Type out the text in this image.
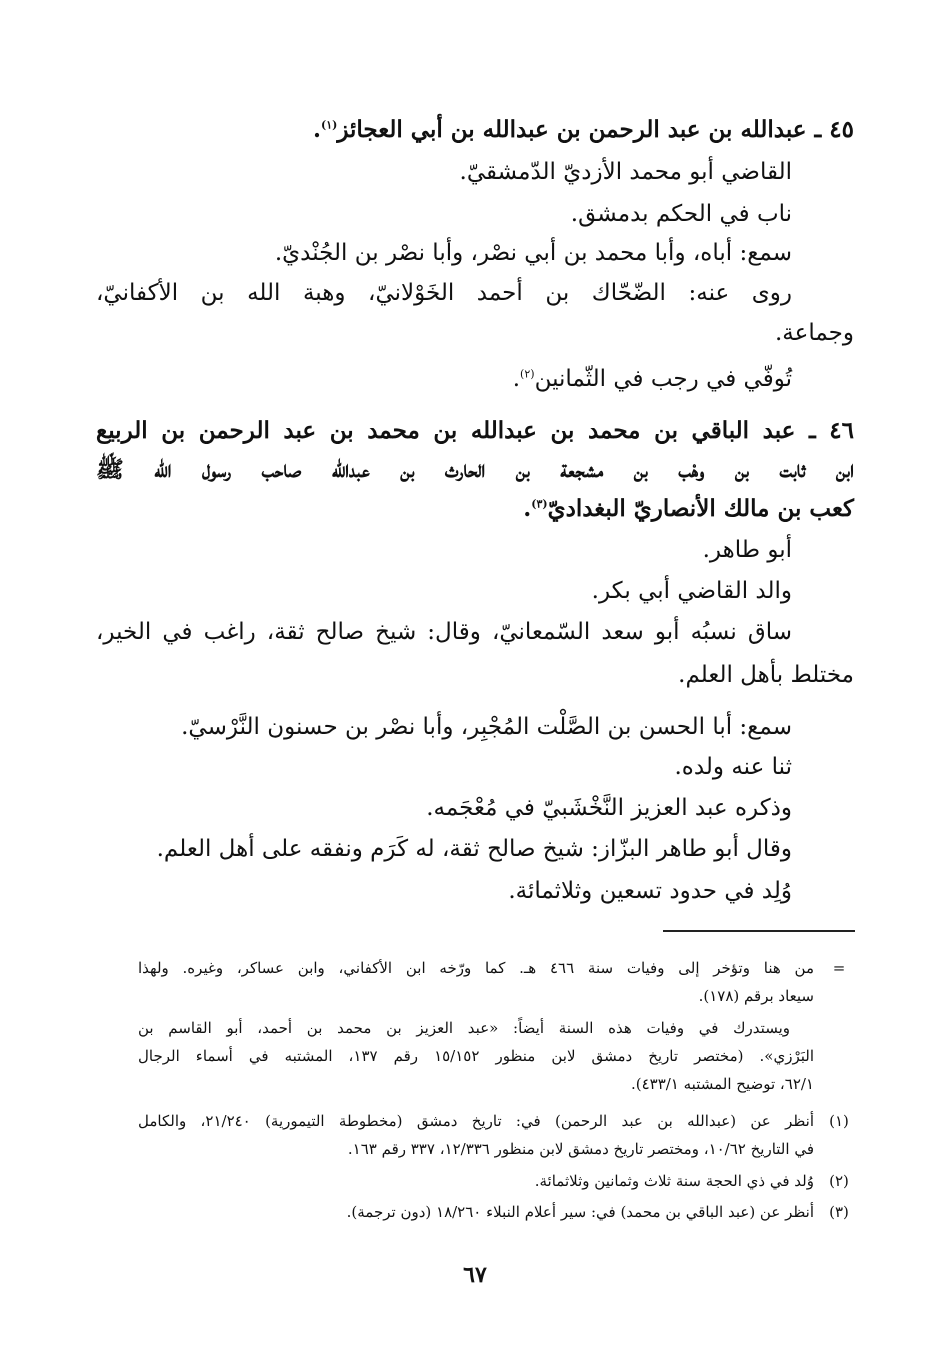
٤٥ ـ عبدالله بن عبد الرحمن بن عبدالله بن أبي العجائز$^{(١)}$.
القاضي أبو محمد الأزديّ الدّمشقيّ.
ناب في الحكم بدمشق.
سمع: أباه، وأبا محمد بن أبي نصْر، وأبا نصْر بن الجُنْديّ.
روى عنه: الضّحّاك بن أحمد الخَوْلانيّ، وهبة الله بن الأكفانيّ،
وجماعة.
تُوفّي في رجب في الثّمانين$^{(٢)}$.
٤٦ ـ عبد الباقي بن محمد بن عبدالله بن محمد بن عبد الرحمن بن الربيع
ابن ثابت بن وهْب بن مشجعة بن الحارث بن عبدالله صاحب رسول الله ﷺ
كعب بن مالك الأنصاريّ البغداديّ$^{(٣)}$.
أبو طاهر.
والد القاضي أبي بكر.
ساق نسبُه أبو سعد السّمعانيّ، وقال: شيخ صالح ثقة، راغب في الخير،
مختلط بأهل العلم.
سمع: أبا الحسن بن الصَّلْت المُجْبِر، وأبا نصْر بن حسنون النَّرْسيّ.
ثنا عنه ولده.
وذكره عبد العزيز النَّخْشَبيّ في مُعْجَمه.
وقال أبو طاهر البزّاز: شيخ صالح ثقة، له كَرَم ونفقه على أهل العلم.
وُلِد في حدود تسعين وثلاثمائة.
=
من هنا وتؤخر إلى وفيات سنة ٤٦٦ هـ. كما ورّخه ابن الأكفاني، وابن عساكر، وغيره. ولهذا
سيعاد برقم (١٧٨).
ويستدرك في وفيات هذه السنة أيضاً: «عبد العزيز بن محمد بن أحمد، أبو القاسم بن
البَرْزي». (مختصر تاريخ دمشق لابن منظور ١٥/١٥٢ رقم ١٣٧، المشتبه في أسماء الرجال
٦٢/١، توضيح المشتبه ٤٣٣/١).
(١)
أنظر عن (عبدالله بن عبد الرحمن) في: تاريخ دمشق (مخطوطة التيمورية) ٢١/٢٤٠، والكامل
في التاريخ ١٠/٦٢، ومختصر تاريخ دمشق لابن منظور ١٢/٣٣٦، ٣٣٧ رقم ١٦٣.
(٢)
وُلد في ذي الحجة سنة ثلاث وثمانين وثلاثمائة.
(٣)
أنظر عن (عبد الباقي بن محمد) في: سير أعلام النبلاء ١٨/٢٦٠ (دون ترجمة).
٦٧
